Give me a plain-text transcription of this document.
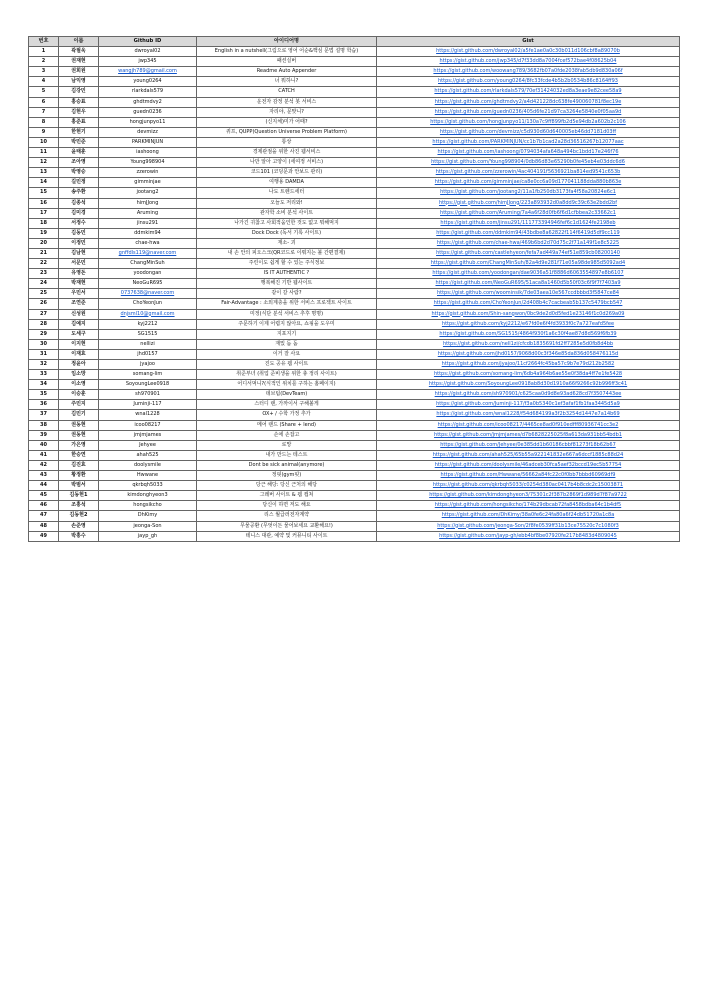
번호	이름	Github ID	아이디어명	Gist
1	곽필욱	dwroyal02	English in a nutshell(그림으로 영어 어순&핵심 문법 설명 학습)	https://gist.github.com/dwroyal02/a5fe1ae0a0c30b011d106cbf8a89070b
2	권재현	jwp345	패션실버	https://gist.github.com/jwp345/d7f33dd8a7004fcef572bae4f08625b04
3	권희원	wangjh789@gmail.com	Readme Auto Appender	https://gist.github.com/woowang789/3682fb07a0fde2038fab5db9d830a06f
4	남익영	young0264	너 뭐하니?	https://gist.github.com/young0264/8fc33fcde4b5b2b0534b86c8164ff93
5	김강민	rlarkdals579	CATCH	https://gist.github.com/rlarkdals579/70ef31424032ed8a3eae9e82cee58a9
6	홍승표	ghdtmdvy2	운전자 감정 분석 봇 서비스	https://gist.github.com/ghdtmdvy2/a4d421228dc638fe490060781f8ec19e
7	김현우	guedn0236	자리야, 문맞니?	https://gist.github.com/guedn0236/405d6fe21d97ca3264e5840e0f05aa9d
8	홍준표	hongjunpyo11	(신지체)미가 어때?	https://gist.github.com/hongjunpyo11/130a7c9ff899fb2d5e94db2a602b2c106
9	한현기	devmizz	퀴프, QUPP(Question Universe Problem Platform)	https://gist.github.com/devmizz/c5d930d60d640005eb46dd7181d03ff
10	박민준	PARKMINJUN	통상	https://gist.github.com/PARKMINJUN/cc1b7b1cad2a28d36516267b12077aac
11	윤태훈	iashoong	경제관점을 위한 사진 웹서비스	https://gist.github.com/iashoong/0794034afa648a494bc1bdd17e246f76
12	조아영	Young998904	나만 알아 고양이 (세여정 서비스)	https://gist.github.com/Young998904/0db86d83e65290b0fe45eb4e03ddc6d6
13	박영승	zzerowin	코드101 (코딩문과 안보드 관리)	https://gist.github.com/zzerowin/4ac404191f5636921ba814ed9541c653b
14	길민정	gimminjae	여행용 DAMDA	https://gist.github.com/gimminjae/ca8e0cc6a09d177041188dda880b863e
15	송주환	jootang2	나도 트렌드세터	https://gist.github.com/jootang2/11a1fb250db3173fa4f58a20824e6c1
16	김종석	himJJong	오늘도 저리와!	https://gist.github.com/himJJong/223a893932d0a8dd9c39c63e2bdd2bf
17	김미경	Aruming	관자학 소비 분석 사이트	https://gist.github.com/Aruming/7a4a6f28d0fb6f6d1cfbbea2c33662c1
18	서정수	jinsu291	나가긴 귀찮고 사회적움인한 것도 없고 뭐해먹지	https://gist.github.com/jinsu291/111773394946fef6c1d1624fe2198eb
19	김동민	ddmkim94	Dock Dock (독서 기록 사이트)	https://gist.github.com/ddmkim94/43bdbe8a62822f114f6419d5df9cc119
20	이정민	chae-hwa	재소- 괴	https://gist.github.com/chae-hwa/469b6bd2d70d75c2f71a149f1e8c5225
21	김남현	gnffdls119@naver.com	내 손 안의 피오스크(QR코드로 이뤄지는 볼 간편결제)	https://gist.github.com/castlehyeon/fefa7ad449a74ef51e859cb08200140
22	서문민	ChangMinSuh	주린이도 쉽게 할 수 있는 주식정보	https://gist.github.com/ChangMinSuh/82a4d9e281f71e05a98de985d5092ad4
23	유영돈	yoodongan	IS IT AUTHENTIC ?	https://gist.github.com/yoodongan/dae9036a51f8886d6063554897e8b6107
24	박재현	NeoGuR695	행복해진 기반 웹사이트	https://gist.github.com/NeoGuR695/51aca8a1460d5b50f03c6f9f7f7403a9
25	우민서	0737638@naver.com	같이 갈 사람?	https://gist.github.com/woominsik/7de03aea10e567ccdbbbd3f5847ce84
26	조연준	ChoYeonJun	Fair-Advantage : 소외계층을 위한 서비스 프로젝트 사이트	https://gist.github.com/ChoYeonJun/2d408b4c7cacbeab5b137c5479bcb547
27	신성원	dnjsml10@gmail.com	미정(식단 분석 서비스 추후 명명)	https://gist.github.com/Shin-sangwon/0bc9de2d0d5fed1e23146f1c0d269a09
28	김예지	kyj2212	주문하기 이제 어렵지 않아요, 쇼핑을 도우미	https://gist.github.com/kyj2212/e67fd0e6f4fd3933f0c7a727eafd5fee
29	도세구	SG1515	지포지기	https://gist.github.com/SG1515/4864f930f1a6c30f4ae87d8d569f6fb39
30	이지현	nellizi	재밌 돔 돔	https://gist.github.com/nell1zi/cfcdb1835691fd2ff7285e5d0fb8d4bb
31	이재효	jhd0157	이거 잘 사요	https://gist.github.com/jhd0157/9068d00c3f346e85da836d058476115d
32	정윤아	jyajoo	진도 공유 웹 사이트	https://gist.github.com/jyajoo/11cf2664fc45ba57c9b7e79d212b2582
33	임소망	somang-lim	취준부녀 (취업 준비생을 위한 총 정리 사이트)	https://gist.github.com/somang-lim/6db4a964b6ae55e0f38da4ff7e1fe5428
34	이소영	SoyoungLee0918	어디서먹니?(식적인 위치를 구하는 홈페이지)	https://gist.github.com/SoyoungLee0918ab8d30d1910a66f9266c92b996ff3c41
35	이승훈	sh970901	데브팀(DevTeam)	https://gist.github.com/sh970901/c625caa0d9d8e93ad628cd7f3507443ee
36	주민지	Juminji-117	스터디 랜, 가까이서 구해볼게	https://gist.github.com/Juminji-117/f3a0b5340c1ef3afaf1fb1faa3445d5a9
37	김민기	wnal1228	OX+ / 수학 가정 추가	https://gist.github.com/wnal1228/f54d684199a3f2b3254d1447e7a14b69
38	권동현	icoo08217	메어 랜드 (Share + lend)	https://gist.github.com/icoo08217/4465ce8ad0f910edfff80936741cc3e2
39	권동현	jmjmjames	손에 손잡고	https://gist.github.com/jmjmjames/d7b6828225025f8a613da931bb54bdb1
40	가은영	Jehyee	로망	https://gist.github.com/Jehyee/0e385dd1b60186cbbf81273f18b62b67
41	한승연	ahah525	내가 만드는 테스트	https://gist.github.com/ahah525/65b55a922141832e667a6dccf1885c88d24
42	김진효	doolysmile	Dont be sick animal(anymore)	https://gist.github.com/doolysmile/46adceb30fca5aef32bccd19ec5b57754
43	황정환	Hwwane	정핏(gym핏)	https://gist.github.com/Hwwane/56662a84fc22c0f0bb7bbbd60969df9
44	박범서	qkrbqh5033	당근 해당: 당신 근처의 해당	https://gist.github.com/qkrbqh5033/c0254d380ac0417b4b8cdc2c15003871
45	김동현1	kimdonghyeon3	그레버 사이트 & 웹 캡쳐	https://gist.github.com/kimdonghyeon3/75301c2f387b2869f1d989d7f87a9722
46	조홍석	hongsikcho	당신이 하면 저도 해요	https://gist.github.com/hongsikcho/174b29dbcab72fa8458bdba64c1b4df5
47	김동현2	DhKimy	리스 월급러전자계약	https://gist.github.com/DhKimy/38a0fe6c24fa80a6f24db51720a1c8a
48	손준영	jeonga-Son	무물공환 (무엇이든 물어보세요 교환해요!)	https://gist.github.com/jeonga-Son/2f8fe0539ff31b13ce75520c7c1080f3
49	박홍수	jayp_gh	테니스 대관, 예약 및 커뮤니티 사이트	https://gist.github.com/jayp-gh/ebb4bf8be07920fe217b8483d4809045
